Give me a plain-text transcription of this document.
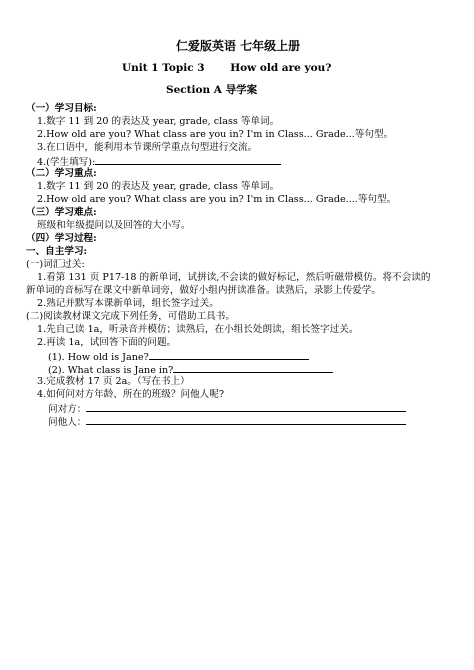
仁爱版英语 七年级上册
Unit 1 Topic 3 How old are you?
Section A 导学案
（一）学习目标:
1.数字 11 到 20 的表达及 year, grade, class 等单词。
2.How old are you? What class are you in? I'm in Class... Grade...等句型。
3.在口语中，能利用本节课所学重点句型进行交流。
4.(学生填写):
（二）学习重点:
1.数字 11 到 20 的表达及 year, grade, class 等单词。
2.How old are you? What class are you in? I'm in Class... Grade....等句型。
（三）学习难点:
班级和年级提问以及回答的大小写。
（四）学习过程:
一、自主学习:
(一)词汇过关:
1.看第 131 页 P17-18 的新单词，试拼读,不会读的做好标记，然后听磁带模仿。将不会读的
新单词的音标写在课文中新单词旁，做好小组内拼读准备。读熟后，录影上传爱学。
2.熟记并默写本课新单词，组长签字过关。
(二)阅读教材课文完成下列任务，可借助工具书。
1.先自己读 1a，听录音并模仿；读熟后，在小组长处朗读，组长签字过关。
2.再读 1a，试回答下面的问题。
(1). How old is Jane?
(2). What class is Jane in?
3.完成教材 17 页 2a。（写在书上）
4.如何问对方年龄、所在的班级？问他人呢?
问对方：
问他人：
